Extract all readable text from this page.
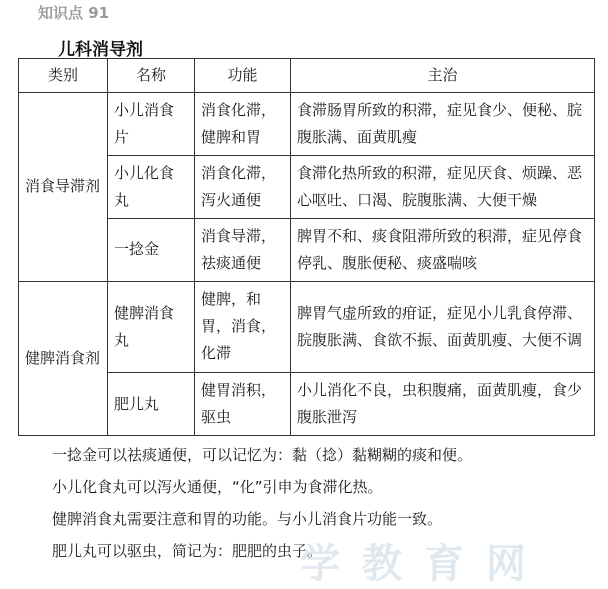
知识点 91
儿科消导剂
类别	名称	功能	主治
消食导滞剂	小儿消食片	消食化滞，健脾和胃	食滞肠胃所致的积滞，症见食少、便秘、脘腹胀满、面黄肌瘦
	小儿化食丸	消食化滞，泻火通便	食滞化热所致的积滞，症见厌食、烦躁、恶心呕吐、口渴、脘腹胀满、大便干燥
	一捻金	消食导滞，祛痰通便	脾胃不和、痰食阻滞所致的积滞，症见停食停乳、腹胀便秘、痰盛喘咳
健脾消食剂	健脾消食丸	健脾，和胃，消食，化滞	脾胃气虚所致的疳证，症见小儿乳食停滞、脘腹胀满、食欲不振、面黄肌瘦、大便不调
	肥儿丸	健胃消积，驱虫	小儿消化不良，虫积腹痛，面黄肌瘦，食少腹胀泄泻
一捻金可以祛痰通便，可以记忆为：黏（捻）黏糊糊的痰和便。
小儿化食丸可以泻火通便，“化”引申为食滞化热。
健脾消食丸需要注意和胃的功能。与小儿消食片功能一致。
肥儿丸可以驱虫，简记为：肥肥的虫子。
学教育网
